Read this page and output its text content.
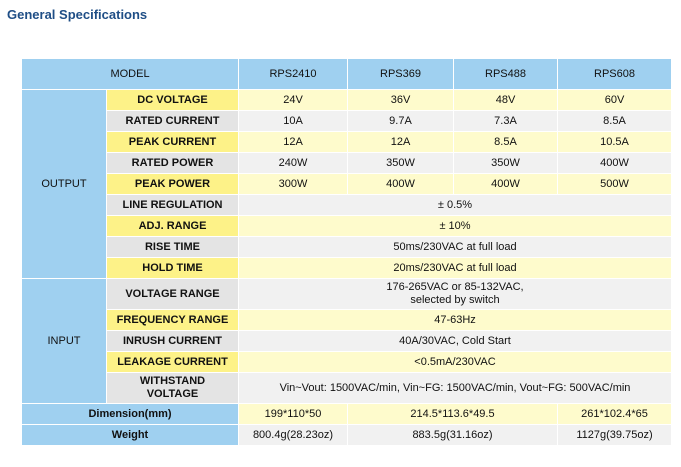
General Specifications
MODEL		RPS2410	RPS369	RPS488	RPS608
OUTPUT	DC VOLTAGE	24V	36V	48V	60V
	RATED CURRENT	10A	9.7A	7.3A	8.5A
	PEAK CURRENT	12A	12A	8.5A	10.5A
	RATED POWER	240W	350W	350W	400W
	PEAK POWER	300W	400W	400W	500W
	LINE REGULATION	± 0.5%			
	ADJ. RANGE	± 10%			
	RISE TIME	50ms/230VAC at full load			
	HOLD TIME	20ms/230VAC at full load			
INPUT	VOLTAGE RANGE	176-265VAC or 85-132VAC,
selected by switch			

	FREQUENCY RANGE	47-63Hz			
	INRUSH CURRENT	40A/30VAC, Cold Start			
	LEAKAGE CURRENT	<0.5mA/230VAC			

	WITHSTAND
VOLTAGE	Vin~Vout: 1500VAC/min, Vin~FG: 1500VAC/min, Vout~FG: 500VAC/min			
Dimension(mm)		199*110*50	214.5*113.6*49.5		261*102.4*65
Weight		800.4g(28.23oz)	883.5g(31.16oz)		1127g(39.75oz)
